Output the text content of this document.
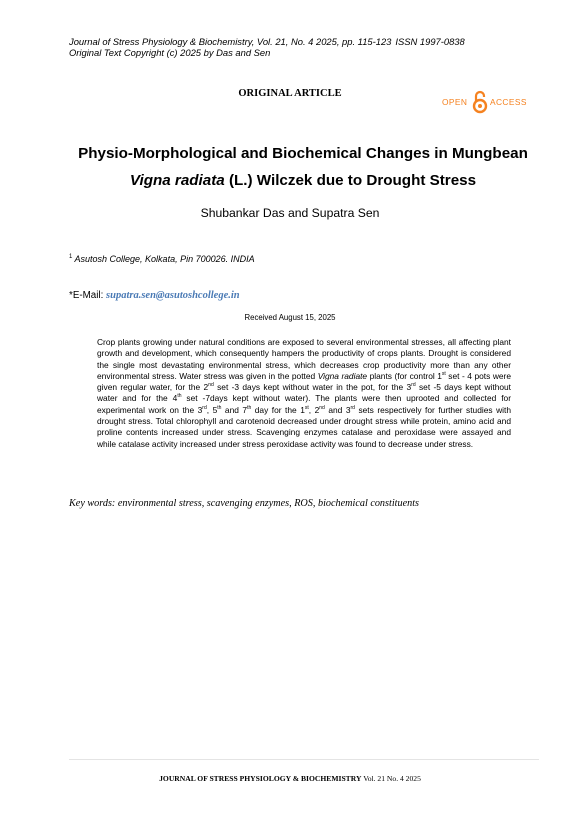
Journal of Stress Physiology & Biochemistry, Vol. 21, No. 4 2025, pp. 115-123 ISSN 1997-0838
Original Text Copyright (c) 2025 by Das and Sen
ORIGINAL ARTICLE
OPEN	ACCESS
Physio-Morphological and Biochemical Changes in Mungbean
Vigna radiata (L.) Wilczek due to Drought Stress
Shubankar Das and Supatra Sen
$^1$ Asutosh College, Kolkata, Pin 700026. INDIA
*E-Mail: supatra.sen@asutoshcollege.in
Received August 15, 2025
Crop plants growing under natural conditions are exposed to several environmental stresses, all affecting plant growth and development, which consequently hampers the productivity of crops plants. Drought is considered the single most devastating environmental stress, which decreases crop productivity more than any other environmental stress. Water stress was given in the potted Vigna radiate plants (for control 1st set - 4 pots were given regular water, for the 2nd set -3 days kept without water in the pot, for the 3rd set -5 days kept without water and for the 4th set -7days kept without water). The plants were then uprooted and collected for experimental work on the 3rd, 5th and 7th day for the 1st, 2nd and 3rd sets respectively for further studies with drought stress. Total chlorophyll and carotenoid decreased under drought stress while protein, amino acid and proline contents increased under stress. Scavenging enzymes catalase and peroxidase were assayed and while catalase activity increased under stress peroxidase activity was found to decrease under stress.
Key words: environmental stress, scavenging enzymes, ROS, biochemical constituents
JOURNAL OF STRESS PHYSIOLOGY & BIOCHEMISTRY Vol. 21 No. 4 2025
